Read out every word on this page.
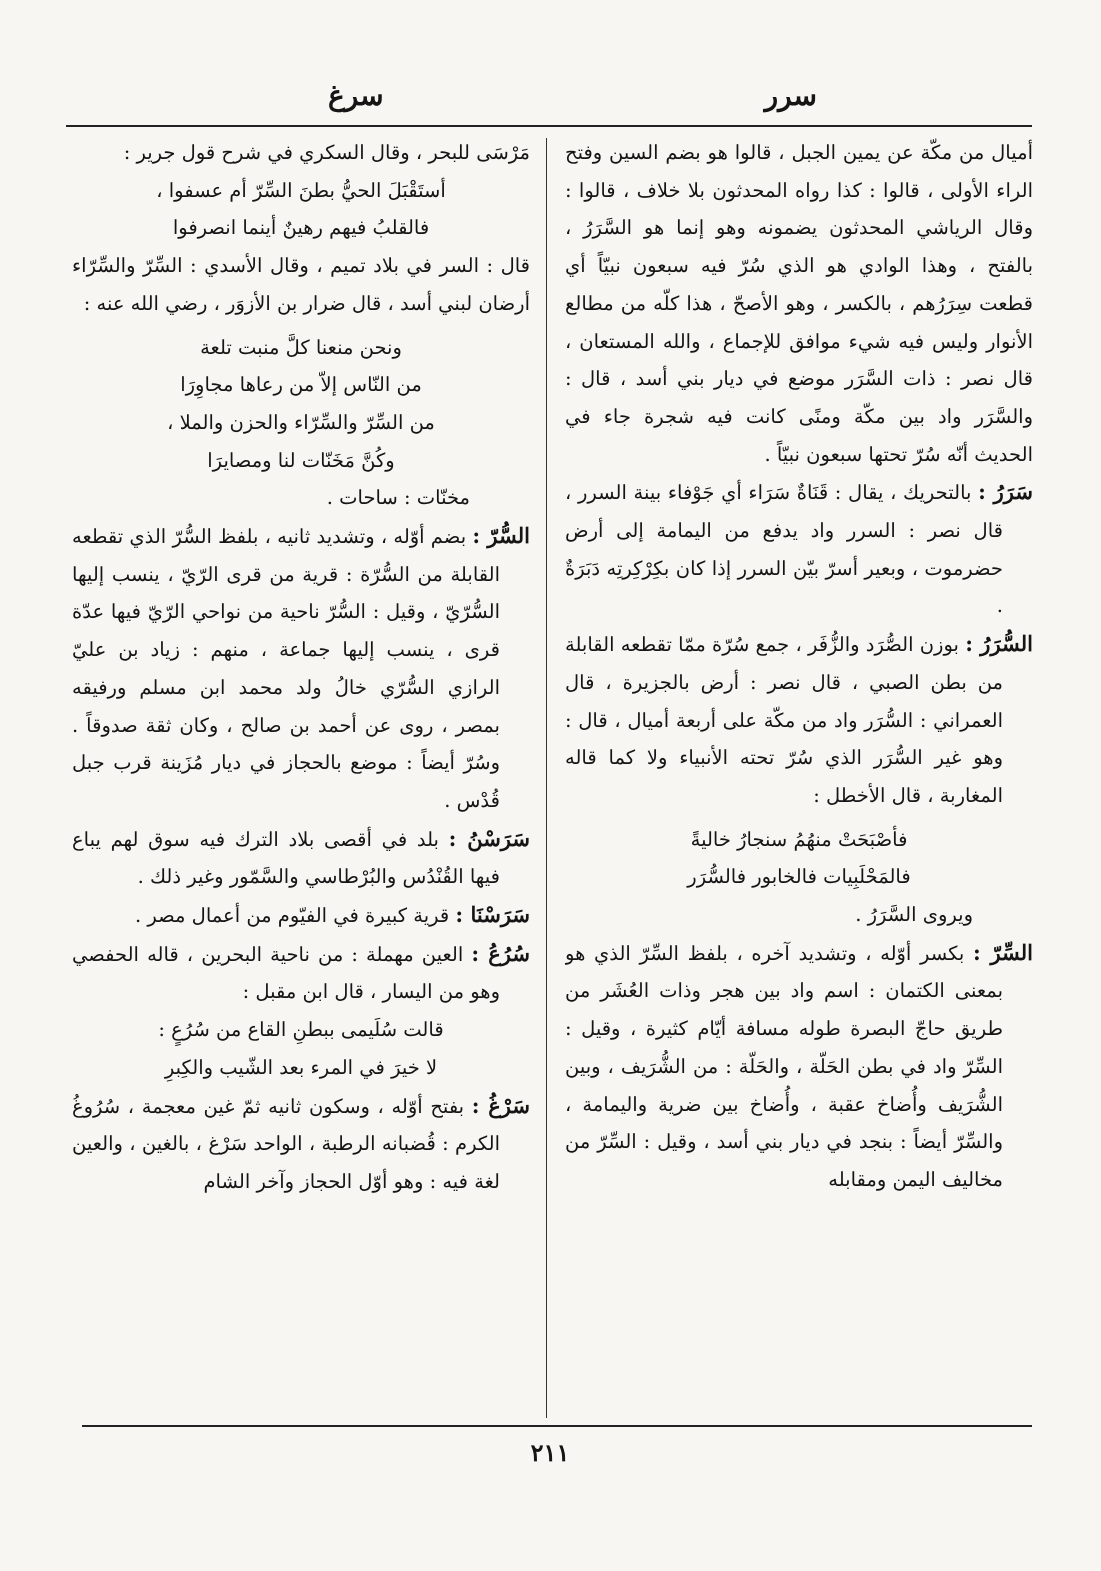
سرر
سرغ

أميال من مكّة عن يمين الجبل ، قالوا هو بضم السين وفتح الراء الأولى ، قالوا : كذا رواه المحدثون بلا خلاف ، قالوا : وقال الرياشي المحدثون يضمونه وهو إنما هو السَّرَرُ ، بالفتح ، وهذا الوادي هو الذي سُرّ فيه سبعون نبيّاً أي قطعت سِرَرُهم ، بالكسر ، وهو الأصحّ ، هذا كلّه من مطالع الأنوار وليس فيه شيء موافق للإجماع ، والله المستعان ، قال نصر : ذات السَّرَر موضع في ديار بني أسد ، قال : والسَّرَر واد بين مكّة ومنًى كانت فيه شجرة جاء في الحديث أنّه سُرّ تحتها سبعون نبيّاً .

سَرَرُ : بالتحريك ، يقال : قَنَاةٌ سَرَاء أي جَوْفاء بينة السرر ، قال نصر : السرر واد يدفع من اليمامة إلى أرض حضرموت ، وبعير أسرّ بيّن السرر إذا كان بكِرْكِرتِه دَبَرَةٌ .

السُّرَرُ : بوزن الصُّرَد والزُّفَر ، جمع سُرّة ممّا تقطعه القابلة من بطن الصبي ، قال نصر : أرض بالجزيرة ، قال العمراني : السُّرَر واد من مكّة على أربعة أميال ، قال : وهو غير السُّرَر الذي سُرّ تحته الأنبياء ولا كما قاله المغاربة ، قال الأخطل :

فأصْبَحَتْ منهُمُ سنجارُ خاليةً

فالمَحْلَبِيات فالخابور فالسُّرَر

ويروى السَّرَرُ .

السِّرّ : بكسر أوّله ، وتشديد آخره ، بلفظ السِّرّ الذي هو بمعنى الكتمان : اسم واد بين هجر وذات العُشَر من طريق حاجّ البصرة طوله مسافة أيّام كثيرة ، وقيل : السِّرّ واد في بطن الحَلّة ، والحَلّة : من الشُّرَيف ، وبين الشُّرَيف وأُضاخ عقبة ، وأُضاخ بين ضرية واليمامة ، والسِّرّ أيضاً : بنجد في ديار بني أسد ، وقيل : السِّرّ من مخاليف اليمن ومقابله

مَرْسَى للبحر ، وقال السكري في شرح قول جرير :

أستَقْبَلَ الحيُّ بطنَ السِّرّ أم عسفوا ،

فالقلبُ فيهم رهينٌ أينما انصرفوا

قال : السر في بلاد تميم ، وقال الأسدي : السِّرّ والسِّرّاء أرضان لبني أسد ، قال ضرار بن الأزوَر ، رضي الله عنه :

ونحن منعنا كلَّ منبت تلعة

من النّاس إلاّ من رعاها مجاوِرَا

من السِّرّ والسِّرّاء والحزن والملا ،

وكُنَّ مَخَنّات لنا ومصايرَا

مخنّات : ساحات .

السُّرّ : بضم أوّله ، وتشديد ثانيه ، بلفظ السُّرّ الذي تقطعه القابلة من السُّرّة : قرية من قرى الرّيّ ، ينسب إليها السُّرّيّ ، وقيل : السُّرّ ناحية من نواحي الرّيّ فيها عدّة قرى ، ينسب إليها جماعة ، منهم : زياد بن عليّ الرازي السُّرّي خالُ ولد محمد ابن مسلم ورفيقه بمصر ، روى عن أحمد بن صالح ، وكان ثقة صدوقاً . وسُرّ أيضاً : موضع بالحجاز في ديار مُزَينة قرب جبل قُدْس .

سَرَسْنُ : بلد في أقصى بلاد الترك فيه سوق لهم يباع فيها القُنْدُس والبُرْطاسي والسَّمّور وغير ذلك .

سَرَسْنَا : قرية كبيرة في الفيّوم من أعمال مصر .

سُرُعُ : العين مهملة : من ناحية البحرين ، قاله الحفصي وهو من اليسار ، قال ابن مقبل :

قالت سُلَيمى ببطنِ القاع من سُرُعٍ :

لا خيرَ في المرء بعد الشّيب والكِبرِ

سَرْغُ : بفتح أوّله ، وسكون ثانيه ثمّ غين معجمة ، سُرُوغُ الكرم : قُضبانه الرطبة ، الواحد سَرْغ ، بالغين ، والعين لغة فيه : وهو أوّل الحجاز وآخر الشام

٢١١
